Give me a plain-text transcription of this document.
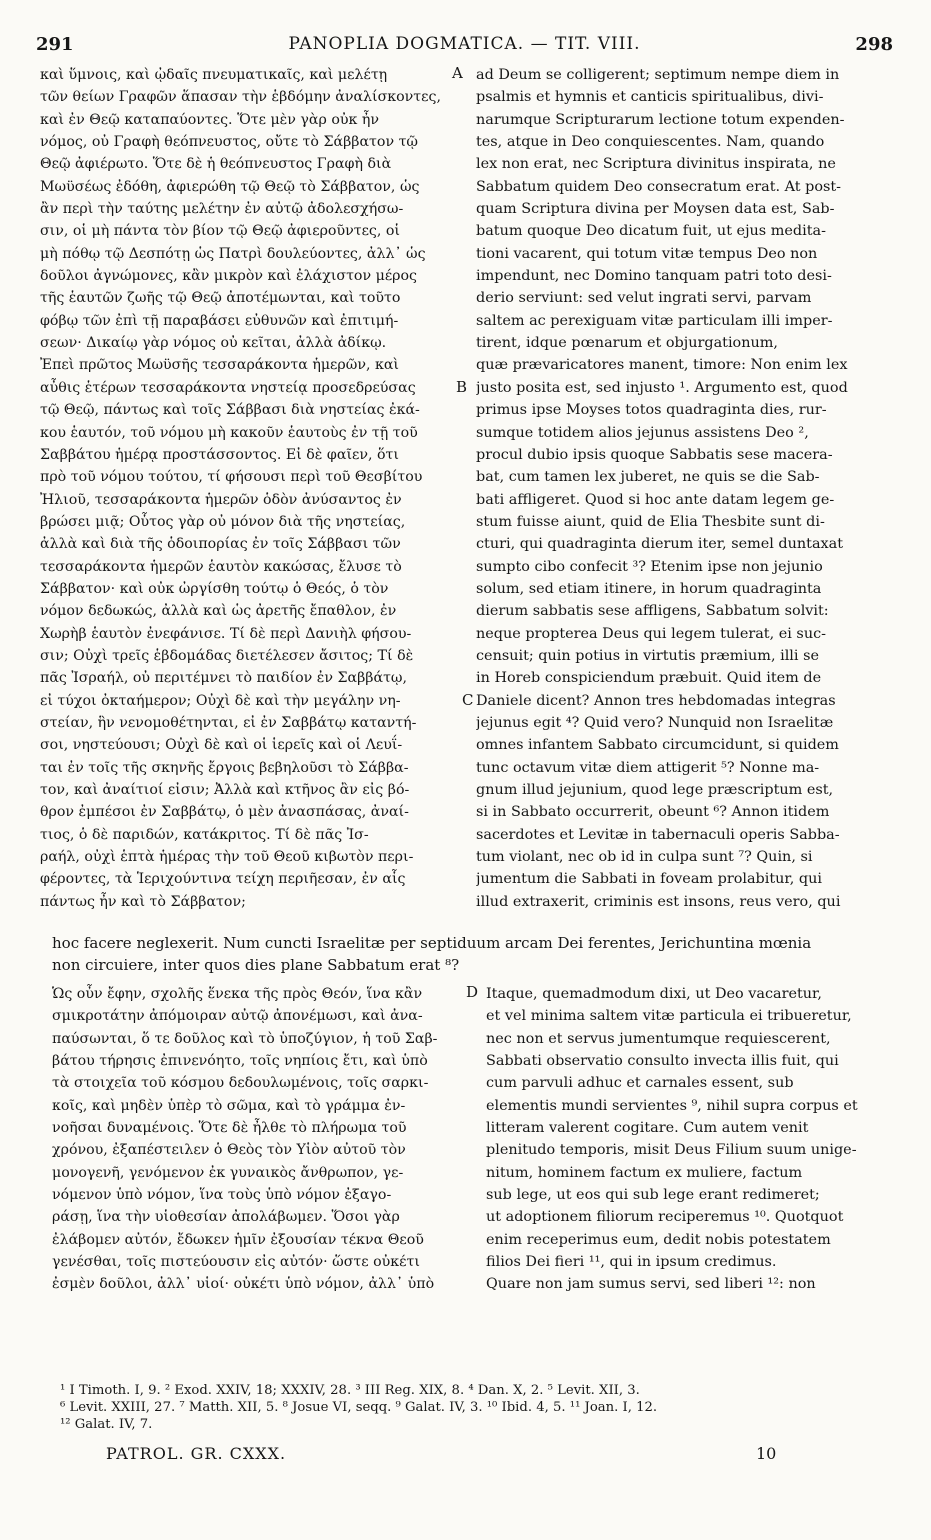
291	PANOPLIA DOGMATICA. — TIT. VIII.	298
καὶ ὕμνοις, καὶ ᾠδαῖς πνευματικαῖς, καὶ μελέτῃ
τῶν θείων Γραφῶν ἅπασαν τὴν ἑβδόμην ἀναλίσκοντες,
καὶ ἐν Θεῷ καταπαύοντες. Ὅτε μὲν γὰρ οὐκ ἦν
νόμος, οὐ Γραφὴ θεόπνευστος, οὔτε τὸ Σάββατον τῷ
Θεῷ ἀφιέρωτο. Ὅτε δὲ ἡ θεόπνευστος Γραφὴ διὰ
Μωϋσέως ἐδόθη, ἀφιερώθη τῷ Θεῷ τὸ Σάββατον, ὡς
ἂν περὶ τὴν ταύτης μελέτην ἐν αὐτῷ ἀδολεσχήσω-
σιν, οἱ μὴ πάντα τὸν βίον τῷ Θεῷ ἀφιεροῦντες, οἱ
μὴ πόθῳ τῷ Δεσπότῃ ὡς Πατρὶ δουλεύοντες, ἀλλ᾽ ὡς
δοῦλοι ἀγνώμονες, κἂν μικρὸν καὶ ἐλάχιστον μέρος
τῆς ἑαυτῶν ζωῆς τῷ Θεῷ ἀποτέμωνται, καὶ τοῦτο
φόβῳ τῶν ἐπὶ τῇ παραβάσει εὐθυνῶν καὶ ἐπιτιμή-
σεων· Δικαίῳ γὰρ νόμος οὐ κεῖται, ἀλλὰ ἀδίκῳ.
Ἐπεὶ πρῶτος Μωϋσῆς τεσσαράκοντα ἡμερῶν, καὶ
αὖθις ἑτέρων τεσσαράκοντα νηστείᾳ προσεδρεύσας
τῷ Θεῷ, πάντως καὶ τοῖς Σάββασι διὰ νηστείας ἐκά-
κου ἑαυτόν, τοῦ νόμου μὴ κακοῦν ἑαυτοὺς ἐν τῇ τοῦ
Σαββάτου ἡμέρᾳ προστάσσοντος. Εἰ δὲ φαῖεν, ὅτι
πρὸ τοῦ νόμου τούτου, τί φήσουσι περὶ τοῦ Θεσβίτου
Ἠλιοῦ, τεσσαράκοντα ἡμερῶν ὁδὸν ἀνύσαντος ἐν
βρώσει μιᾷ; Οὗτος γὰρ οὐ μόνον διὰ τῆς νηστείας,
ἀλλὰ καὶ διὰ τῆς ὁδοιπορίας ἐν τοῖς Σάββασι τῶν
τεσσαράκοντα ἡμερῶν ἑαυτὸν κακώσας, ἔλυσε τὸ
Σάββατον· καὶ οὐκ ὠργίσθη τούτῳ ὁ Θεός, ὁ τὸν
νόμον δεδωκώς, ἀλλὰ καὶ ὡς ἀρετῆς ἔπαθλον, ἐν
Χωρὴβ ἑαυτὸν ἐνεφάνισε. Τί δὲ περὶ Δανιὴλ φήσου-
σιν; Οὐχὶ τρεῖς ἑβδομάδας διετέλεσεν ἄσιτος; Τί δὲ
πᾶς Ἰσραήλ, οὐ περιτέμνει τὸ παιδίον ἐν Σαββάτῳ,
εἰ τύχοι ὀκταήμερον; Οὐχὶ δὲ καὶ τὴν μεγάλην νη-
στείαν, ἣν νενομοθέτηνται, εἰ ἐν Σαββάτῳ καταντή-
σοι, νηστεύουσι; Οὐχὶ δὲ καὶ οἱ ἱερεῖς καὶ οἱ Λευΐ-
ται ἐν τοῖς τῆς σκηνῆς ἔργοις βεβηλοῦσι τὸ Σάββα-
τον, καὶ ἀναίτιοί εἰσιν; Ἀλλὰ καὶ κτῆνος ἂν εἰς βό-
θρον ἐμπέσοι ἐν Σαββάτῳ, ὁ μὲν ἀνασπάσας, ἀναί-
τιος, ὁ δὲ παριδών, κατάκριτος. Τί δὲ πᾶς Ἰσ-
ραήλ, οὐχὶ ἑπτὰ ἡμέρας τὴν τοῦ Θεοῦ κιβωτὸν περι-
φέροντες, τὰ Ἱεριχούντινα τείχη περιῆεσαν, ἐν αἷς
πάντως ἦν καὶ τὸ Σάββατον;
ad Deum se colligerent; septimum nempe diem in
psalmis et hymnis et canticis spiritualibus, divi-
narumque Scripturarum lectione totum expenden-
tes, atque in Deo conquiescentes. Nam, quando
lex non erat, nec Scriptura divinitus inspirata, ne
Sabbatum quidem Deo consecratum erat. At post-
quam Scriptura divina per Moysen data est, Sab-
batum quoque Deo dicatum fuit, ut ejus medita-
tioni vacarent, qui totum vitæ tempus Deo non
impendunt, nec Domino tanquam patri toto desi-
derio serviunt: sed velut ingrati servi, parvam
saltem ac perexiguam vitæ particulam illi imper-
tirent, idque pœnarum et objurgationum,
quæ prævaricatores manent, timore: Non enim lex
justo posita est, sed injusto ¹. Argumento est, quod
primus ipse Moyses totos quadraginta dies, rur-
sumque totidem alios jejunus assistens Deo ²,
procul dubio ipsis quoque Sabbatis sese macera-
bat, cum tamen lex juberet, ne quis se die Sab-
bati affligeret. Quod si hoc ante datam legem ge-
stum fuisse aiunt, quid de Elia Thesbite sunt di-
cturi, qui quadraginta dierum iter, semel duntaxat
sumpto cibo confecit ³? Etenim ipse non jejunio
solum, sed etiam itinere, in horum quadraginta
dierum sabbatis sese affligens, Sabbatum solvit:
neque propterea Deus qui legem tulerat, ei suc-
censuit; quin potius in virtutis præmium, illi se
in Horeb conspiciendum præbuit. Quid item de
Daniele dicent? Annon tres hebdomadas integras
jejunus egit ⁴? Quid vero? Nunquid non Israelitæ
omnes infantem Sabbato circumcidunt, si quidem
tunc octavum vitæ diem attigerit ⁵? Nonne ma-
gnum illud jejunium, quod lege præscriptum est,
si in Sabbato occurrerit, obeunt ⁶? Annon itidem
sacerdotes et Levitæ in tabernaculi operis Sabba-
tum violant, nec ob id in culpa sunt ⁷? Quin, si
jumentum die Sabbati in foveam prolabitur, qui
illud extraxerit, criminis est insons, reus vero, qui
A
B
C
hoc facere neglexerit. Num cuncti Israelitæ per septiduum arcam Dei ferentes, Jerichuntina mœnia
non circuiere, inter quos dies plane Sabbatum erat ⁸?
Ὡς οὖν ἔφην, σχολῆς ἕνεκα τῆς πρὸς Θεόν, ἵνα κἂν
σμικροτάτην ἀπόμοιραν αὐτῷ ἀπονέμωσι, καὶ ἀνα-
παύσωνται, ὅ τε δοῦλος καὶ τὸ ὑποζύγιον, ἡ τοῦ Σαβ-
βάτου τήρησις ἐπινενόητο, τοῖς νηπίοις ἔτι, καὶ ὑπὸ
τὰ στοιχεῖα τοῦ κόσμου δεδουλωμένοις, τοῖς σαρκι-
κοῖς, καὶ μηδὲν ὑπὲρ τὸ σῶμα, καὶ τὸ γράμμα ἐν-
νοῆσαι δυναμένοις. Ὅτε δὲ ἦλθε τὸ πλήρωμα τοῦ
χρόνου, ἐξαπέστειλεν ὁ Θεὸς τὸν Υἱὸν αὐτοῦ τὸν
μονογενῆ, γενόμενον ἐκ γυναικὸς ἄνθρωπον, γε-
νόμενον ὑπὸ νόμον, ἵνα τοὺς ὑπὸ νόμον ἐξαγο-
ράσῃ, ἵνα τὴν υἱοθεσίαν ἀπολάβωμεν. Ὅσοι γὰρ
ἐλάβομεν αὐτόν, ἔδωκεν ἡμῖν ἐξουσίαν τέκνα Θεοῦ
γενέσθαι, τοῖς πιστεύουσιν εἰς αὐτόν· ὥστε οὐκέτι
ἐσμὲν δοῦλοι, ἀλλ᾽ υἱοί· οὐκέτι ὑπὸ νόμον, ἀλλ᾽ ὑπὸ
D Itaque, quemadmodum dixi, ut Deo vacaretur,
et vel minima saltem vitæ particula ei tribueretur,
nec non et servus jumentumque requiescerent,
Sabbati observatio consulto invecta illis fuit, qui
cum parvuli adhuc et carnales essent, sub
elementis mundi servientes ⁹, nihil supra corpus et
litteram valerent cogitare. Cum autem venit
plenitudo temporis, misit Deus Filium suum unige-
nitum, hominem factum ex muliere, factum
sub lege, ut eos qui sub lege erant redimeret;
ut adoptionem filiorum reciperemus ¹⁰. Quotquot
enim receperimus eum, dedit nobis potestatem
filios Dei fieri ¹¹, qui in ipsum credimus.
Quare non jam sumus servi, sed liberi ¹²: non
¹ I Timoth. I, 9. ² Exod. XXIV, 18; XXXIV, 28. ³ III Reg. XIX, 8. ⁴ Dan. X, 2. ⁵ Levit. XII, 3.
⁶ Levit. XXIII, 27. ⁷ Matth. XII, 5. ⁸ Josue VI, seqq. ⁹ Galat. IV, 3. ¹⁰ Ibid. 4, 5. ¹¹ Joan. I, 12.
¹² Galat. IV, 7.
PATROL. GR. CXXX.	10
